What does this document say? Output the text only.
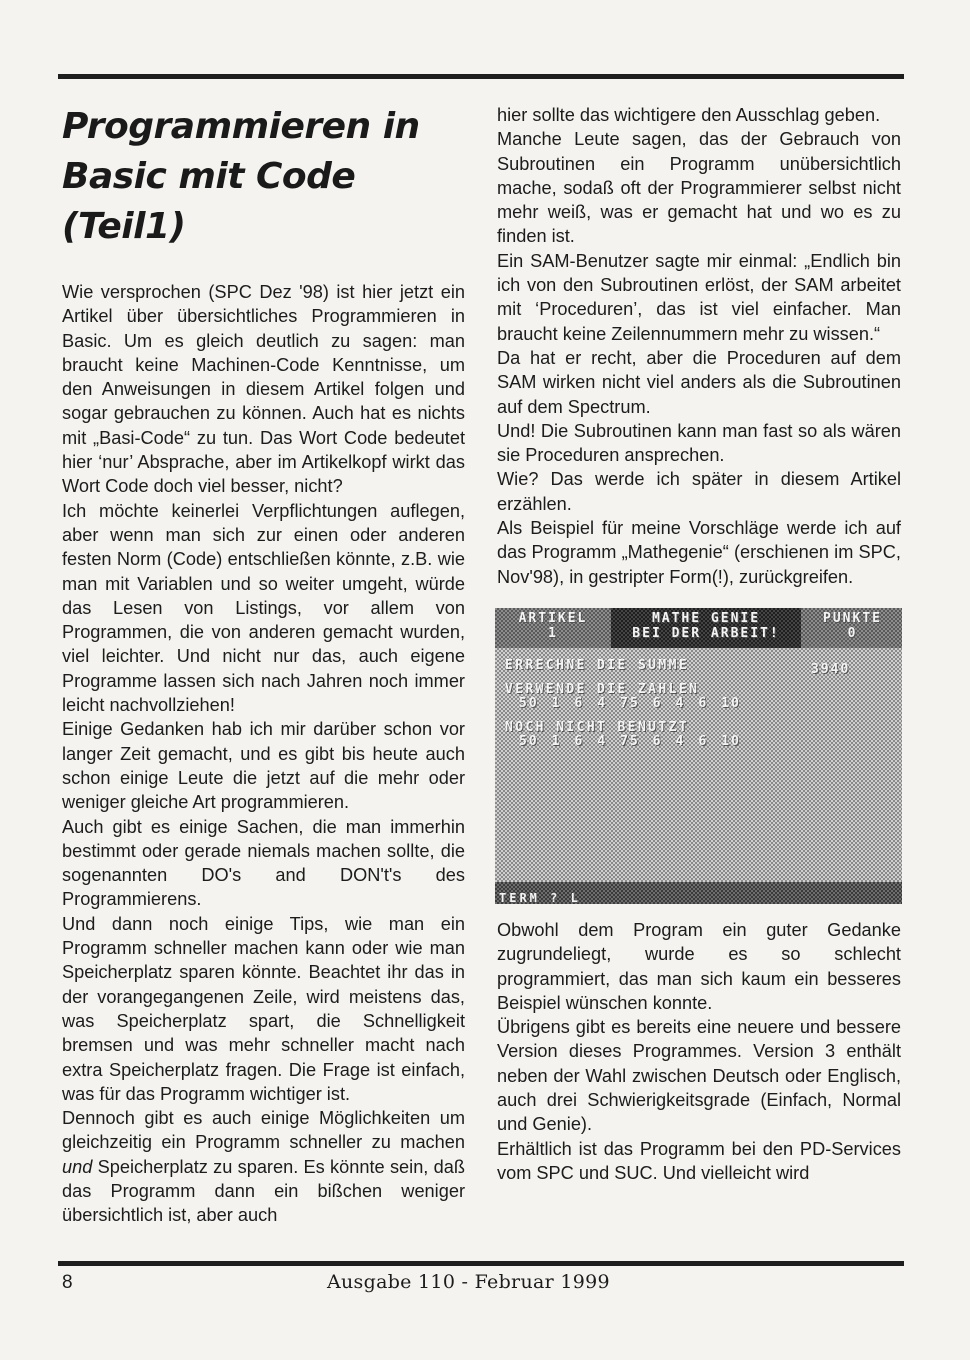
Programmieren in
Basic mit Code (Teil1)

Wie versprochen (SPC Dez '98) ist hier jetzt ein Artikel über übersichtliches Programmieren in Basic. Um es gleich deutlich zu sagen: man braucht keine Machinen-Code Kenntnisse, um den Anweisungen in diesem Artikel folgen und sogar gebrauchen zu können. Auch hat es nichts mit „Basi-Code“ zu tun. Das Wort Code bedeutet hier ‘nur’ Absprache, aber im Artikelkopf wirkt das Wort Code doch viel besser, nicht?

Ich möchte keinerlei Verpflichtungen auflegen, aber wenn man sich zur einen oder anderen festen Norm (Code) entschließen könnte, z.B. wie man mit Variablen und so weiter umgeht, würde das Lesen von Listings, vor allem von Programmen, die von anderen gemacht wurden, viel leichter. Und nicht nur das, auch eigene Programme lassen sich nach Jahren noch immer leicht nachvollziehen!

Einige Gedanken hab ich mir darüber schon vor langer Zeit gemacht, und es gibt bis heute auch schon einige Leute die jetzt auf die mehr oder weniger gleiche Art programmieren.

Auch gibt es einige Sachen, die man immerhin bestimmt oder gerade niemals machen sollte, die sogenannten DO's and DON't's des Programmierens.

Und dann noch einige Tips, wie man ein Programm schneller machen kann oder wie man Speicherplatz sparen könnte. Beachtet ihr das in der vorangegangenen Zeile, wird meistens das, was Speicherplatz spart, die Schnelligkeit bremsen und was mehr schneller macht nach extra Speicherplatz fragen. Die Frage ist einfach, was für das Programm wichtiger ist.

Dennoch gibt es auch einige Möglichkeiten um gleichzeitig ein Programm schneller zu machen und Speicherplatz zu sparen. Es könnte sein, daß das Programm dann ein bißchen weniger übersichtlich ist, aber auch

hier sollte das wichtigere den Ausschlag geben.

Manche Leute sagen, das der Gebrauch von Subroutinen ein Programm unübersichtlich mache, sodaß oft der Programmierer selbst nicht mehr weiß, was er gemacht hat und wo es zu finden ist.

Ein SAM-Benutzer sagte mir einmal: „Endlich bin ich von den Subroutinen erlöst, der SAM arbeitet mit ‘Proceduren’, das ist viel einfacher. Man braucht keine Zeilennummern mehr zu wissen.“

Da hat er recht, aber die Proceduren auf dem SAM wirken nicht viel anders als die Subroutinen auf dem Spectrum.

Und! Die Subroutinen kann man fast so als wären sie Proceduren ansprechen.

Wie? Das werde ich später in diesem Artikel erzählen.

Als Beispiel für meine Vorschläge werde ich auf das Programm „Mathegenie“ (erschienen im SPC, Nov'98), in gestripter Form(!), zurückgreifen.

ARTIKEL
1
MATHE GENIE
BEI DER ARBEIT!
PUNKTE
0
ERRECHNE DIE SUMME	3940
VERWENDE DIE ZAHLEN
50 1 6 4 75 6 4 6 10
NOCH NICHT BENUTZT
50 1 6 4 75 6 4 6 10
TERM ? L

Obwohl dem Program ein guter Gedanke zugrundeliegt, wurde es so schlecht programmiert, das man sich kaum ein besseres Beispiel wünschen konnte.

Übrigens gibt es bereits eine neuere und bessere Version dieses Programmes. Version 3 enthält neben der Wahl zwischen Deutsch oder Englisch, auch drei Schwierigkeitsgrade (Einfach, Normal und Genie).

Erhältlich ist das Programm bei den PD-Services vom SPC und SUC. Und vielleicht wird

8	Ausgabe 110 - Februar 1999
